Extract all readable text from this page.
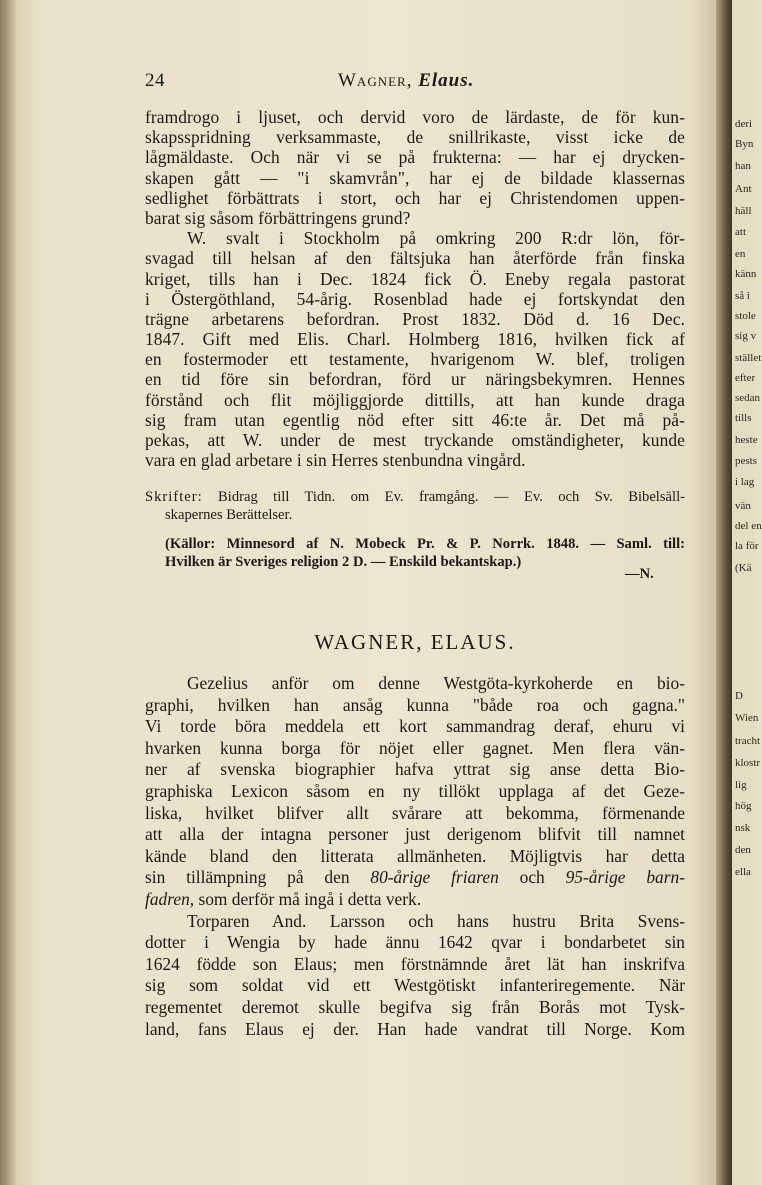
deri
Byn
han
Ant
häll
att
en
känn
så i
stole
sig v
stället
efter
sedan
tills
heste
pests
i lag
vän
del en
la för
(Kä
D
Wien
tracht
klostr
lig
hög
nsk
den
ella
24	Wagner, Elaus.
framdrogo i ljuset, och dervid voro de lärdaste, de för kun-
skapsspridning verksammaste, de snillrikaste, visst icke de
lågmäldaste. Och när vi se på frukterna: — har ej drycken-
skapen gått — "i skamvrån", har ej de bildade klassernas
sedlighet förbättrats i stort, och har ej Christendomen uppen-
barat sig såsom förbättringens grund?
W. svalt i Stockholm på omkring 200 R:dr lön, för-
svagad till helsan af den fältsjuka han återförde från finska
kriget, tills han i Dec. 1824 fick Ö. Eneby regala pastorat
i Östergöthland, 54-årig. Rosenblad hade ej fortskyndat den
trägne arbetarens befordran. Prost 1832. Död d. 16 Dec.
1847. Gift med Elis. Charl. Holmberg 1816, hvilken fick af
en fostermoder ett testamente, hvarigenom W. blef, troligen
en tid före sin befordran, förd ur näringsbekymren. Hennes
förstånd och flit möjliggjorde dittills, att han kunde draga
sig fram utan egentlig nöd efter sitt 46:te år. Det må på-
pekas, att W. under de mest tryckande omständigheter, kunde
vara en glad arbetare i sin Herres stenbundna vingård.
Skrifter: Bidrag till Tidn. om Ev. framgång. — Ev. och Sv. Bibelsäll-
skapernes Berättelser.
(Källor: Minnesord af N. Mobeck Pr. & P. Norrk. 1848. — Saml. till:
Hvilken är Sveriges religion 2 D. — Enskild bekantskap.)
—N.
WAGNER, ELAUS.
Gezelius anför om denne Westgöta-kyrkoherde en bio-
graphi, hvilken han ansåg kunna "både roa och gagna."
Vi torde böra meddela ett kort sammandrag deraf, ehuru vi
hvarken kunna borga för nöjet eller gagnet. Men flera vän-
ner af svenska biographier hafva yttrat sig anse detta Bio-
graphiska Lexicon såsom en ny tillökt upplaga af det Geze-
liska, hvilket blifver allt svårare att bekomma, förmenande
att alla der intagna personer just derigenom blifvit till namnet
kände bland den litterata allmänheten. Möjligtvis har detta
sin tillämpning på den 80-årige friaren och 95-årige barn-
fadren, som derför må ingå i detta verk.
Torparen And. Larsson och hans hustru Brita Svens-
dotter i Wengia by hade ännu 1642 qvar i bondarbetet sin
1624 födde son Elaus; men förstnämnde året lät han inskrifva
sig som soldat vid ett Westgötiskt infanteriregemente. När
regementet deremot skulle begifva sig från Borås mot Tysk-
land, fans Elaus ej der. Han hade vandrat till Norge. Kom
